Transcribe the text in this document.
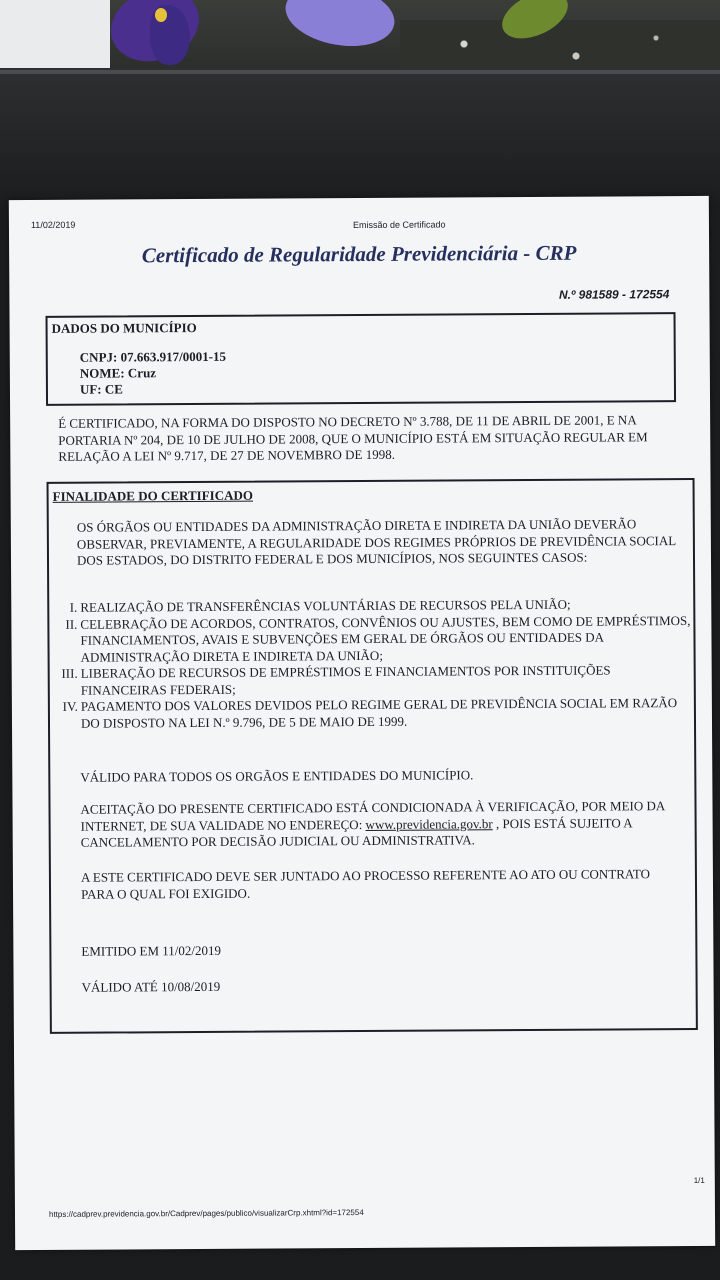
11/02/2019	Emissão de Certificado
Certificado de Regularidade Previdenciária - CRP
N.º 981589 - 172554
DADOS DO MUNICÍPIO
CNPJ: 07.663.917/0001-15
NOME: Cruz
UF: CE
É CERTIFICADO, NA FORMA DO DISPOSTO NO DECRETO Nº 3.788, DE 11 DE ABRIL DE 2001, E NA PORTARIA Nº 204, DE 10 DE JULHO DE 2008, QUE O MUNICÍPIO ESTÁ EM SITUAÇÃO REGULAR EM RELAÇÃO A LEI Nº 9.717, DE 27 DE NOVEMBRO DE 1998.
FINALIDADE DO CERTIFICADO
OS ÓRGÃOS OU ENTIDADES DA ADMINISTRAÇÃO DIRETA E INDIRETA DA UNIÃO DEVERÃO OBSERVAR, PREVIAMENTE, A REGULARIDADE DOS REGIMES PRÓPRIOS DE PREVIDÊNCIA SOCIAL DOS ESTADOS, DO DISTRITO FEDERAL E DOS MUNICÍPIOS, NOS SEGUINTES CASOS:
I. REALIZAÇÃO DE TRANSFERÊNCIAS VOLUNTÁRIAS DE RECURSOS PELA UNIÃO;
II. CELEBRAÇÃO DE ACORDOS, CONTRATOS, CONVÊNIOS OU AJUSTES, BEM COMO DE EMPRÉSTIMOS, FINANCIAMENTOS, AVAIS E SUBVENÇÕES EM GERAL DE ÓRGÃOS OU ENTIDADES DA ADMINISTRAÇÃO DIRETA E INDIRETA DA UNIÃO;
III. LIBERAÇÃO DE RECURSOS DE EMPRÉSTIMOS E FINANCIAMENTOS POR INSTITUIÇÕES FINANCEIRAS FEDERAIS;
IV. PAGAMENTO DOS VALORES DEVIDOS PELO REGIME GERAL DE PREVIDÊNCIA SOCIAL EM RAZÃO DO DISPOSTO NA LEI N.º 9.796, DE 5 DE MAIO DE 1999.
VÁLIDO PARA TODOS OS ORGÃOS E ENTIDADES DO MUNICÍPIO.
ACEITAÇÃO DO PRESENTE CERTIFICADO ESTÁ CONDICIONADA À VERIFICAÇÃO, POR MEIO DA INTERNET, DE SUA VALIDADE NO ENDEREÇO: www.previdencia.gov.br , POIS ESTÁ SUJEITO A CANCELAMENTO POR DECISÃO JUDICIAL OU ADMINISTRATIVA.
A ESTE CERTIFICADO DEVE SER JUNTADO AO PROCESSO REFERENTE AO ATO OU CONTRATO PARA O QUAL FOI EXIGIDO.
EMITIDO EM 11/02/2019
VÁLIDO ATÉ 10/08/2019
1/1
https://cadprev.previdencia.gov.br/Cadprev/pages/publico/visualizarCrp.xhtml?id=172554
